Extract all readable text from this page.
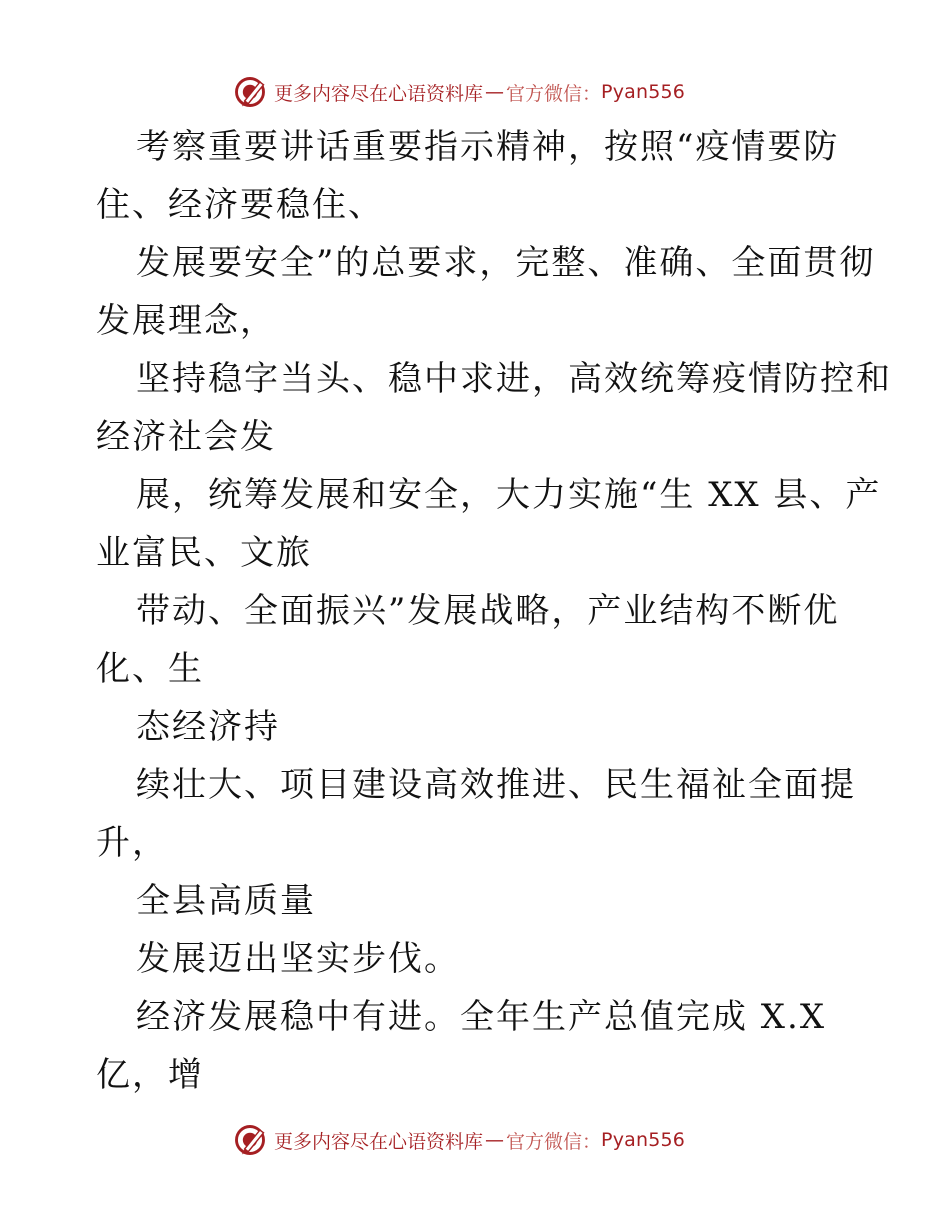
更多内容尽在心语资料库 — 官方微信： Pyan556
考察重要讲话重要指示精神，按照“疫情要防
住、经济要稳住、
发展要安全”的总要求，完整、准确、全面贯彻
发展理念，
坚持稳字当头、稳中求进，高效统筹疫情防控和
经济社会发
展，统筹发展和安全，大力实施“生 XX 县、产
业富民、文旅
带动、全面振兴”发展战略，产业结构不断优
化、生
态经济持
续壮大、项目建设高效推进、民生福祉全面提
升，
全县高质量
发展迈出坚实步伐。
经济发展稳中有进。全年生产总值完成 X.X
亿，增
更多内容尽在心语资料库 — 官方微信： Pyan556
